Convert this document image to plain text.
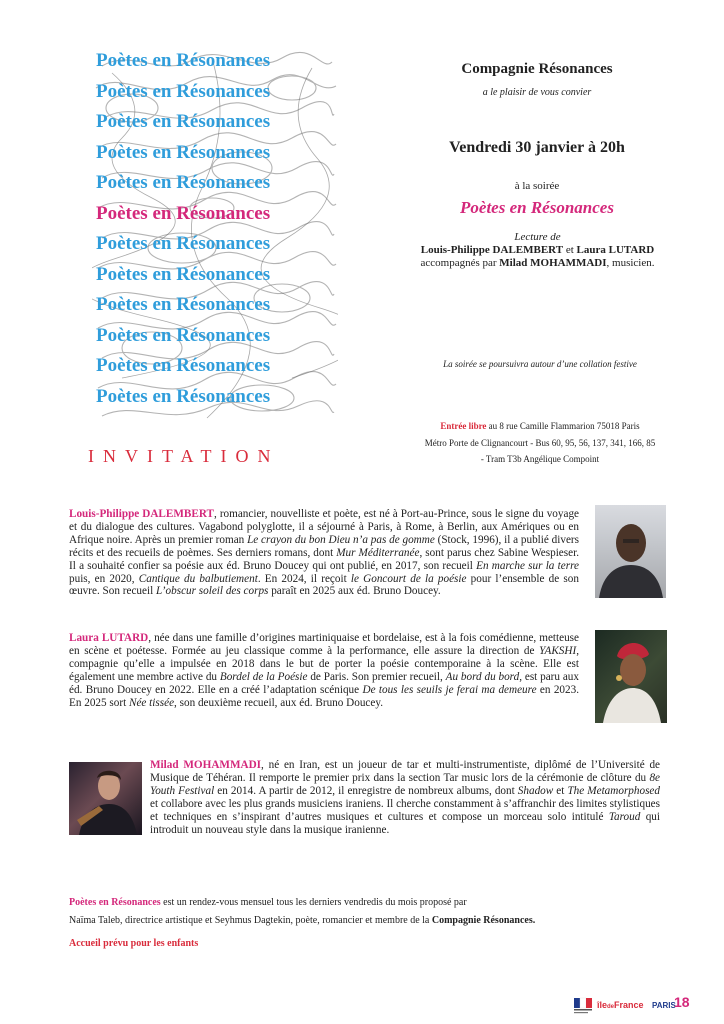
Poètes en Résonances
Poètes en Résonances
Poètes en Résonances
Poètes en Résonances
Poètes en Résonances
Poètes en Résonances
Poètes en Résonances
Poètes en Résonances
Poètes en Résonances
Poètes en Résonances
Poètes en Résonances
Poètes en Résonances
INVITATION
Compagnie Résonances
a le plaisir de vous convier
Vendredi 30 janvier à 20h
à la soirée
Poètes en Résonances
Lecture de
Louis-Philippe DALEMBERT et Laura LUTARD
accompagnés par Milad MOHAMMADI, musicien.
La soirée se poursuivra autour d’une collation festive
Entrée libre au 8 rue Camille Flammarion 75018 Paris
Métro Porte de Clignancourt - Bus 60, 95, 56, 137, 341, 166, 85
- Tram T3b Angélique Compoint
Louis-Philippe DALEMBERT, romancier, nouvelliste et poète, est né à Port-au-Prince, sous le signe du voyage et du dialogue des cultures. Vagabond polyglotte, il a séjourné à Paris, à Rome, à Berlin, aux Amériques ou en Afrique noire. Après un premier roman Le crayon du bon Dieu n’a pas de gomme (Stock, 1996), il a publié divers récits et des recueils de poèmes. Ses derniers romans, dont Mur Méditerranée, sont parus chez Sabine Wespieser. Il a souhaité confier sa poésie aux éd. Bruno Doucey qui ont publié, en 2017, son recueil En marche sur la terre puis, en 2020, Cantique du balbutiement. En 2024, il reçoit le Goncourt de la poésie pour l’ensemble de son œuvre. Son recueil L’obscur soleil des corps paraît en 2025 aux éd. Bruno Doucey.
Laura LUTARD, née dans une famille d’origines martiniquaise et bordelaise, est à la fois comédienne, metteuse en scène et poétesse. Formée au jeu classique comme à la performance, elle assure la direction de YAKSHI, compagnie qu’elle a impulsée en 2018 dans le but de porter la poésie contemporaine à la scène. Elle est également une membre active du Bordel de la Poésie de Paris. Son premier recueil, Au bord du bord, est paru aux éd. Bruno Doucey en 2022. Elle en a créé l’adaptation scénique De tous les seuils je ferai ma demeure en 2023. En 2025 sort Née tissée, son deuxième recueil, aux éd. Bruno Doucey.
Milad MOHAMMADI, né en Iran, est un joueur de tar et multi-instrumentiste, diplômé de l’Université de Musique de Téhéran. Il remporte le premier prix dans la section Tar music lors de la cérémonie de clôture du 8e Youth Festival en 2014. A partir de 2012, il enregistre de nombreux albums, dont Shadow et The Metamorphosed et collabore avec les plus grands musiciens iraniens. Il cherche constamment à s’affranchir des limites stylistiques et techniques en s’inspirant d’autres musiques et cultures et compose un morceau solo intitulé Taroud qui introduit un nouveau style dans la musique iranienne.
Poètes en Résonances est un rendez-vous mensuel tous les derniers vendredis du mois proposé par
Naïma Taleb, directrice artistique et Seyhmus Dagtekin, poète, romancier et membre de la Compagnie Résonances.
Accueil prévu pour les enfants
îledeFrance PARIS
18
